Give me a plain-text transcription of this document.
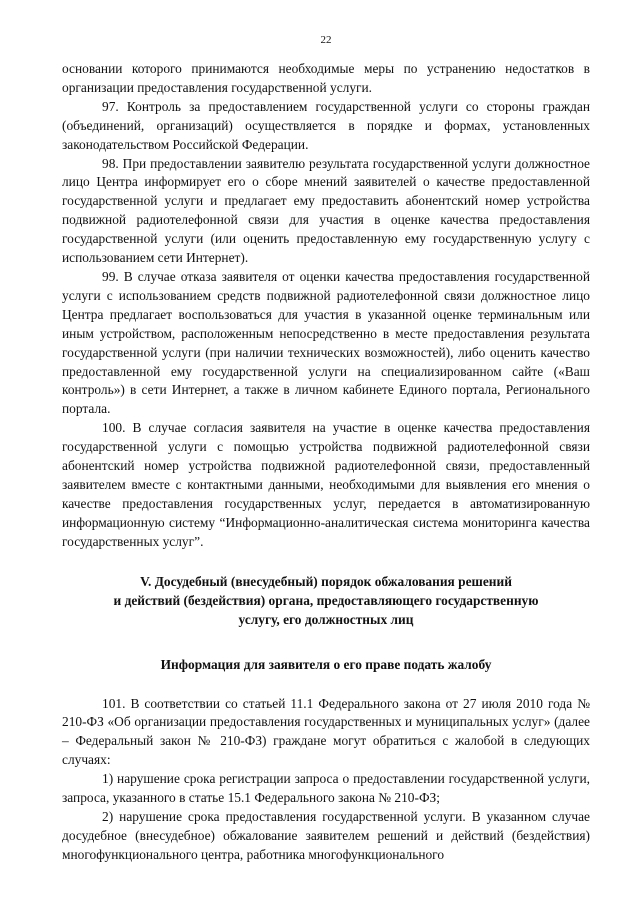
22

основании которого принимаются необходимые меры по устранению недостатков в организации предоставления государственной услуги.

97. Контроль за предоставлением государственной услуги со стороны граждан (объединений, организаций) осуществляется в порядке и формах, установленных законодательством Российской Федерации.

98. При предоставлении заявителю результата государственной услуги должностное лицо Центра информирует его о сборе мнений заявителей о качестве предоставленной государственной услуги и предлагает ему предоставить абонентский номер устройства подвижной радиотелефонной связи для участия в оценке качества предоставления государственной услуги (или оценить предоставленную ему государственную услугу с использованием сети Интернет).

99. В случае отказа заявителя от оценки качества предоставления государственной услуги с использованием средств подвижной радиотелефонной связи должностное лицо Центра предлагает воспользоваться для участия в указанной оценке терминальным или иным устройством, расположенным непосредственно в месте предоставления результата государственной услуги (при наличии технических возможностей), либо оценить качество предоставленной ему государственной услуги на специализированном сайте («Ваш контроль») в сети Интернет, а также в личном кабинете Единого портала, Регионального портала.

100. В случае согласия заявителя на участие в оценке качества предоставления государственной услуги с помощью устройства подвижной радиотелефонной связи абонентский номер устройства подвижной радиотелефонной связи, предоставленный заявителем вместе с контактными данными, необходимыми для выявления его мнения о качестве предоставления государственных услуг, передается в автоматизированную информационную систему “Информационно-аналитическая система мониторинга качества государственных услуг”.

V. Досудебный (внесудебный) порядок обжалования решений
и действий (бездействия) органа, предоставляющего государственную
услугу, его должностных лиц
Информация для заявителя о его праве подать жалобу

101. В соответствии со статьей 11.1 Федерального закона от 27 июля 2010 года № 210-ФЗ «Об организации предоставления государственных и муниципальных услуг» (далее – Федеральный закон № 210-ФЗ) граждане могут обратиться с жалобой в следующих случаях:

1) нарушение срока регистрации запроса о предоставлении государственной услуги, запроса, указанного в статье 15.1 Федерального закона № 210-ФЗ;

2) нарушение срока предоставления государственной услуги. В указанном случае досудебное (внесудебное) обжалование заявителем решений и действий (бездействия) многофункционального центра, работника многофункционального
